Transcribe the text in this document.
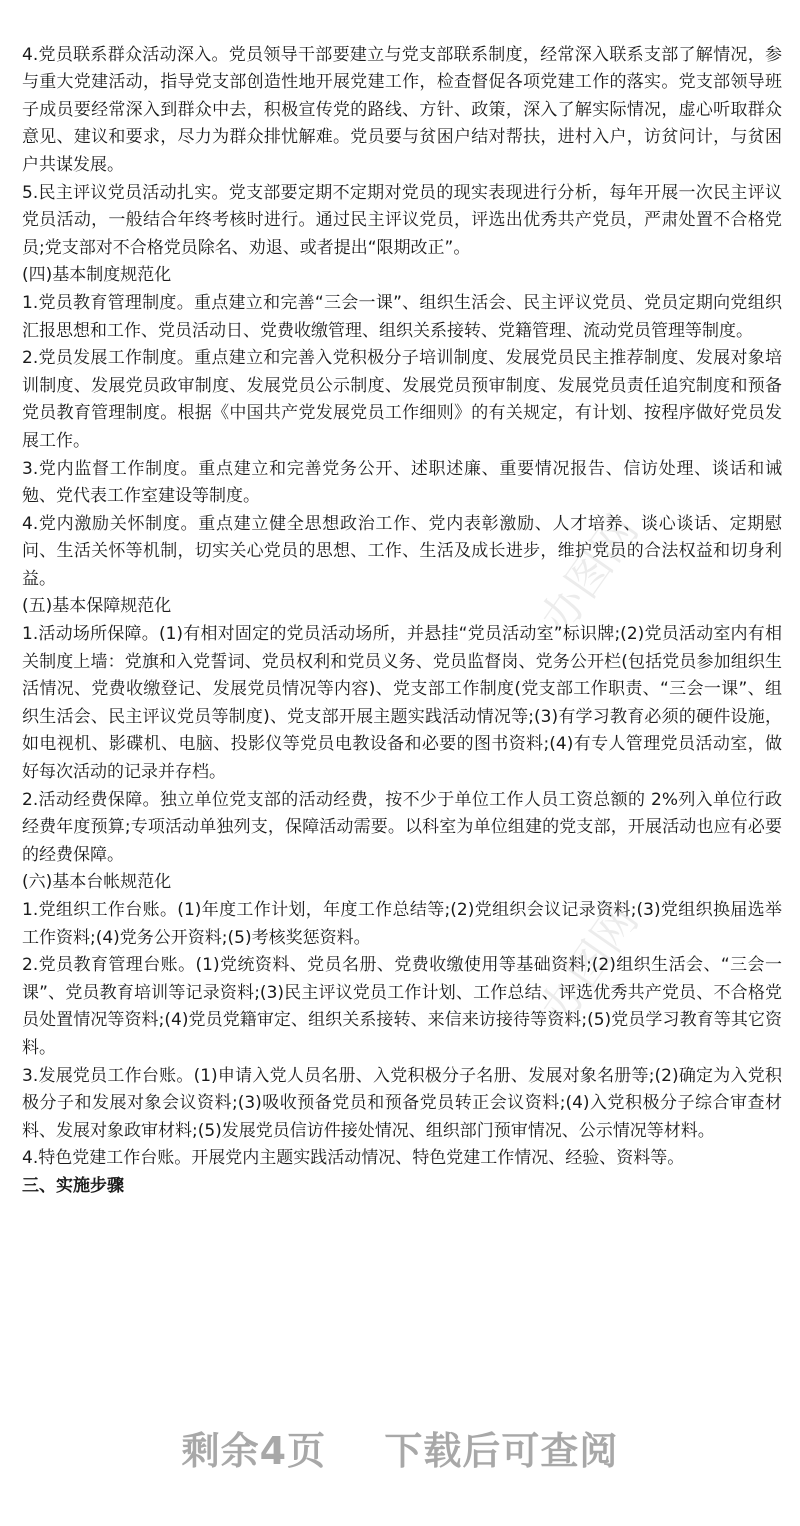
办图网
办图网

4.党员联系群众活动深入。党员领导干部要建立与党支部联系制度，经常深入联系支部了解情况，参与重大党建活动，指导党支部创造性地开展党建工作，检查督促各项党建工作的落实。党支部领导班子成员要经常深入到群众中去，积极宣传党的路线、方针、政策，深入了解实际情况，虚心听取群众意见、建议和要求，尽力为群众排忧解难。党员要与贫困户结对帮扶，进村入户，访贫问计，与贫困户共谋发展。

5.民主评议党员活动扎实。党支部要定期不定期对党员的现实表现进行分析，每年开展一次民主评议党员活动，一般结合年终考核时进行。通过民主评议党员，评选出优秀共产党员，严肃处置不合格党员;党支部对不合格党员除名、劝退、或者提出“限期改正”。

(四)基本制度规范化

1.党员教育管理制度。重点建立和完善“三会一课”、组织生活会、民主评议党员、党员定期向党组织汇报思想和工作、党员活动日、党费收缴管理、组织关系接转、党籍管理、流动党员管理等制度。

2.党员发展工作制度。重点建立和完善入党积极分子培训制度、发展党员民主推荐制度、发展对象培训制度、发展党员政审制度、发展党员公示制度、发展党员预审制度、发展党员责任追究制度和预备党员教育管理制度。根据《中国共产党发展党员工作细则》的有关规定，有计划、按程序做好党员发展工作。

3.党内监督工作制度。重点建立和完善党务公开、述职述廉、重要情况报告、信访处理、谈话和诫勉、党代表工作室建设等制度。

4.党内激励关怀制度。重点建立健全思想政治工作、党内表彰激励、人才培养、谈心谈话、定期慰问、生活关怀等机制，切实关心党员的思想、工作、生活及成长进步，维护党员的合法权益和切身利益。

(五)基本保障规范化

1.活动场所保障。(1)有相对固定的党员活动场所，并悬挂“党员活动室”标识牌;(2)党员活动室内有相关制度上墙：党旗和入党誓词、党员权利和党员义务、党员监督岗、党务公开栏(包括党员参加组织生活情况、党费收缴登记、发展党员情况等内容)、党支部工作制度(党支部工作职责、“三会一课”、组织生活会、民主评议党员等制度)、党支部开展主题实践活动情况等;(3)有学习教育必须的硬件设施，如电视机、影碟机、电脑、投影仪等党员电教设备和必要的图书资料;(4)有专人管理党员活动室，做好每次活动的记录并存档。

2.活动经费保障。独立单位党支部的活动经费，按不少于单位工作人员工资总额的 2%列入单位行政经费年度预算;专项活动单独列支，保障活动需要。以科室为单位组建的党支部，开展活动也应有必要的经费保障。

(六)基本台帐规范化

1.党组织工作台账。(1)年度工作计划，年度工作总结等;(2)党组织会议记录资料;(3)党组织换届选举工作资料;(4)党务公开资料;(5)考核奖惩资料。

2.党员教育管理台账。(1)党统资料、党员名册、党费收缴使用等基础资料;(2)组织生活会、“三会一课”、党员教育培训等记录资料;(3)民主评议党员工作计划、工作总结、评选优秀共产党员、不合格党员处置情况等资料;(4)党员党籍审定、组织关系接转、来信来访接待等资料;(5)党员学习教育等其它资料。

3.发展党员工作台账。(1)申请入党人员名册、入党积极分子名册、发展对象名册等;(2)确定为入党积极分子和发展对象会议资料;(3)吸收预备党员和预备党员转正会议资料;(4)入党积极分子综合审查材料、发展对象政审材料;(5)发展党员信访件接处情况、组织部门预审情况、公示情况等材料。

4.特色党建工作台账。开展党内主题实践活动情况、特色党建工作情况、经验、资料等。

三、实施步骤

剩余4页 下载后可查阅
